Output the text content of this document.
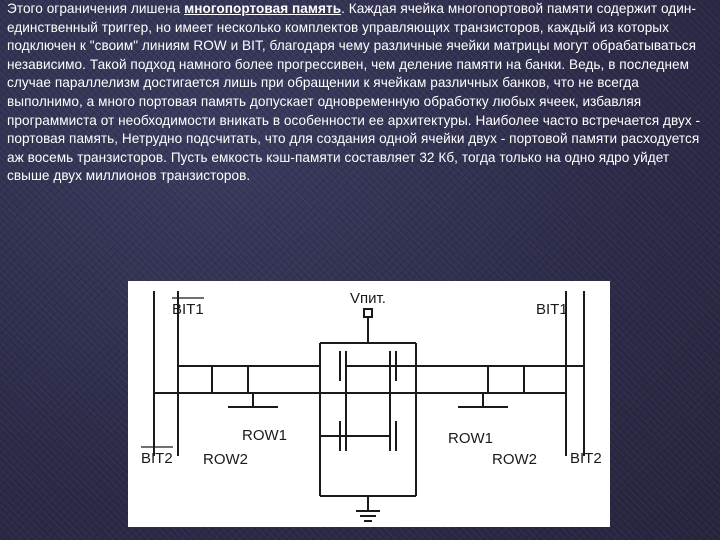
Этого ограничения лишена многопортовая память. Каждая ячейка многопортовой памяти содержит один-единственный триггер, но имеет несколько комплектов управляющих транзисторов, каждый из которых подключен к "своим" линиям ROW и BIT, благодаря чему различные ячейки матрицы могут обрабатываться независимо. Такой подход намного более прогрессивен, чем деление памяти на банки. Ведь, в последнем случае параллелизм достигается лишь при обращении к ячейкам различных банков, что не всегда выполнимо, а много портовая память допускает одновременную обработку любых ячеек, избавляя программиста от необходимости вникать в особенности ее архитектуры. Наиболее часто встречается двух - портовая память, Нетрудно подсчитать, что для создания одной ячейки двух - портовой памяти расходуется аж восемь транзисторов. Пусть емкость кэш-памяти составляет 32 Кб, тогда только на одно ядро уйдет свыше двух миллионов транзисторов.
BIT1
BIT2
BIT1
BIT2
Vпит.
ROW1
ROW2
ROW1
ROW2
